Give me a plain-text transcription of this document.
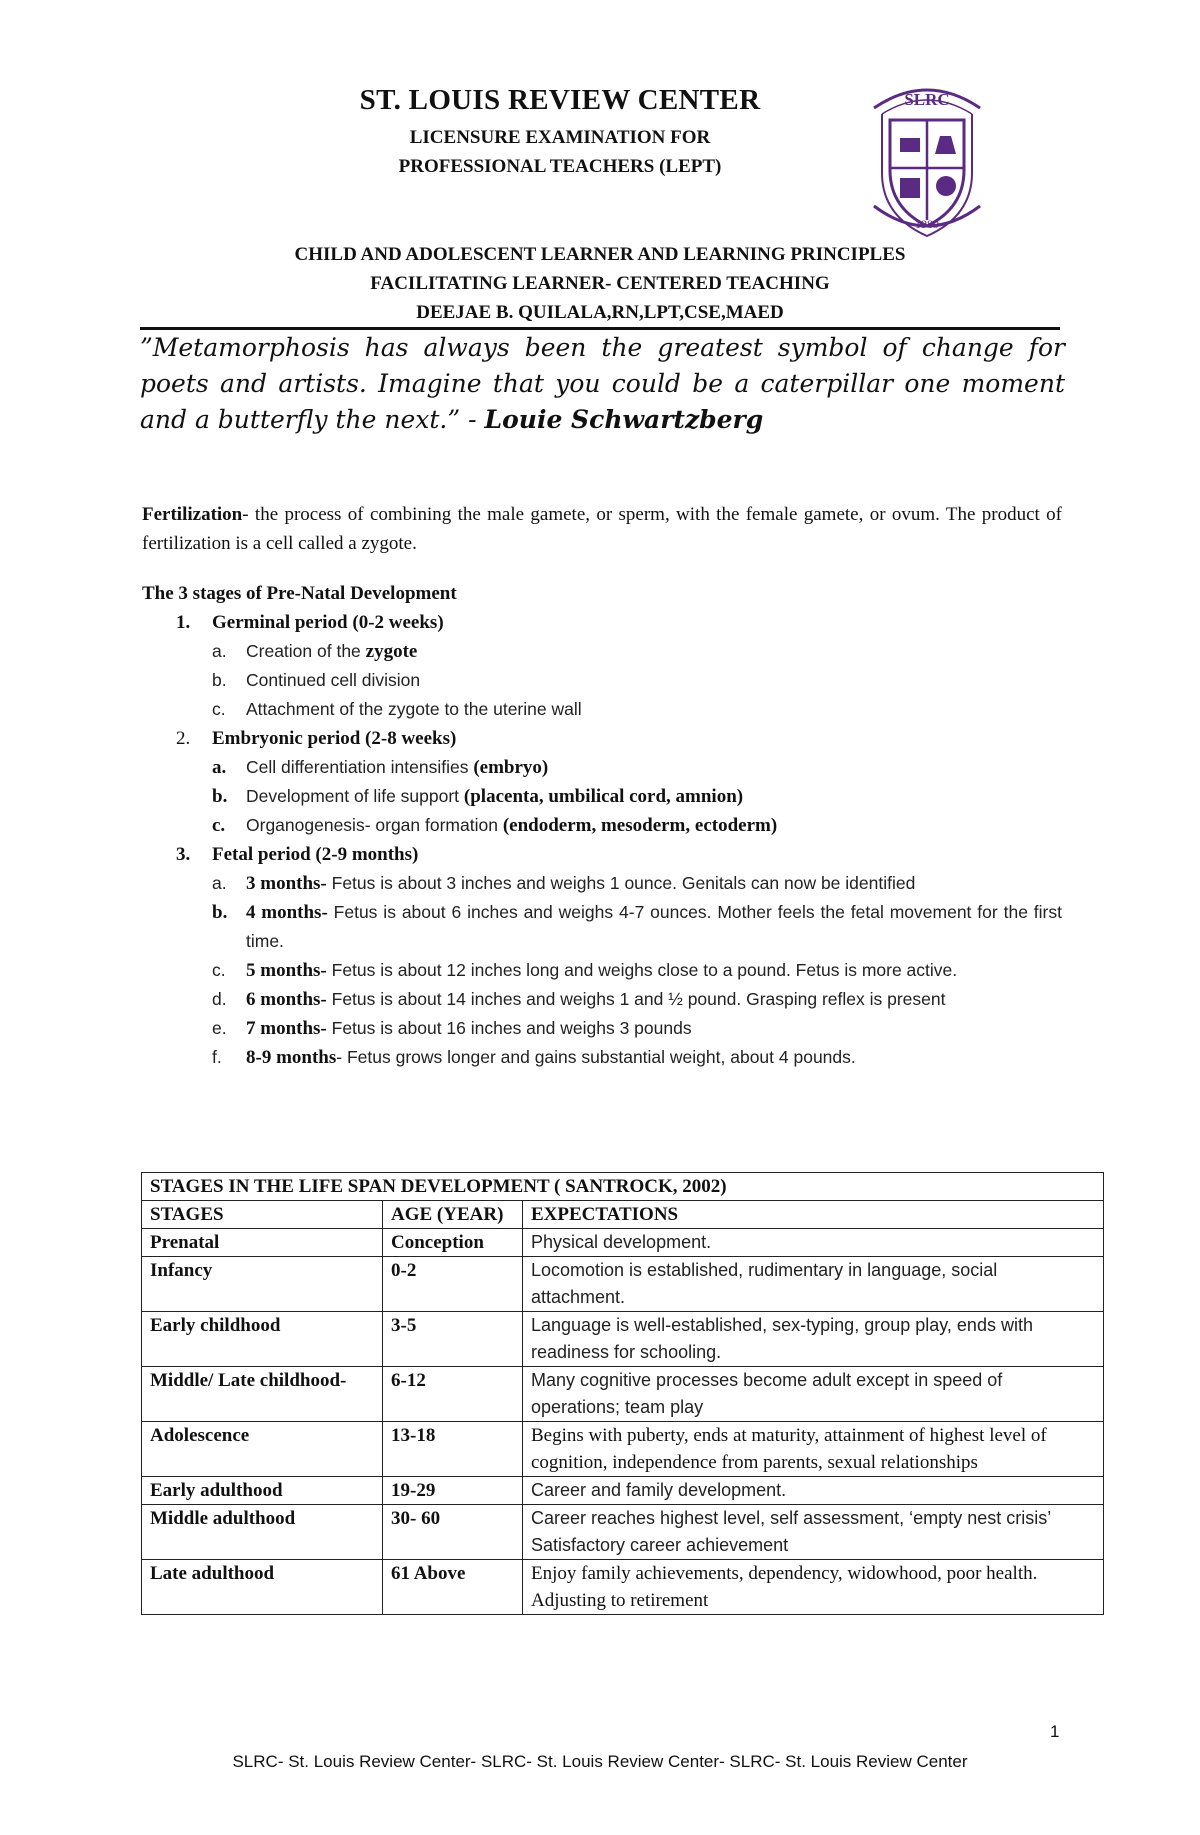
ST. LOUIS REVIEW CENTER
LICENSURE EXAMINATION FOR
PROFESSIONAL TEACHERS (LEPT)
SLRC
1989
CHILD AND ADOLESCENT LEARNER AND LEARNING PRINCIPLES
FACILITATING LEARNER- CENTERED TEACHING
DEEJAE B. QUILALA,RN,LPT,CSE,MAED
”Metamorphosis has always been the greatest symbol of change for poets and artists. Imagine that you could be a caterpillar one moment and a butterfly the next.” - Louie Schwartzberg

Fertilization- the process of combining the male gamete, or sperm, with the female gamete, or ovum. The product of fertilization is a cell called a zygote.

The 3 stages of Pre-Natal Development
1. Germinal period (0-2 weeks)
a.	Creation of the zygote
b.	Continued cell division
c.	Attachment of the zygote to the uterine wall
2. Embryonic period (2-8 weeks)
a.	Cell differentiation intensifies (embryo)
b.	Development of life support (placenta, umbilical cord, amnion)
c.	Organogenesis- organ formation (endoderm, mesoderm, ectoderm)
3. Fetal period (2-9 months)
a.	3 months- Fetus is about 3 inches and weighs 1 ounce. Genitals can now be identified
b. 4 months- Fetus is about 6 inches and weighs 4-7 ounces. Mother feels the fetal movement for the first time.
c.	5 months- Fetus is about 12 inches long and weighs close to a pound. Fetus is more active.
d.	6 months- Fetus is about 14 inches and weighs 1 and ½ pound. Grasping reflex is present
e.	7 months- Fetus is about 16 inches and weighs 3 pounds
f.	8-9 months- Fetus grows longer and gains substantial weight, about 4 pounds.
STAGES IN THE LIFE SPAN DEVELOPMENT ( SANTROCK, 2002)		
STAGES	AGE (YEAR)	EXPECTATIONS
Prenatal	Conception	Physical development.
Infancy	0-2	Locomotion is established, rudimentary in language, social attachment.
Early childhood	3-5	Language is well-established, sex-typing, group play, ends with readiness for schooling.
Middle/ Late childhood-	6-12	Many cognitive processes become adult except in speed of operations; team play
Adolescence	13-18	Begins with puberty, ends at maturity, attainment of highest level of cognition, independence from parents, sexual relationships
Early adulthood	19-29	Career and family development.
Middle adulthood	30- 60	Career reaches highest level, self assessment, ‘empty nest crisis’ Satisfactory career achievement
Late adulthood	61 Above	Enjoy family achievements, dependency, widowhood, poor health. Adjusting to retirement
1
SLRC- St. Louis Review Center- SLRC- St. Louis Review Center- SLRC- St. Louis Review Center
